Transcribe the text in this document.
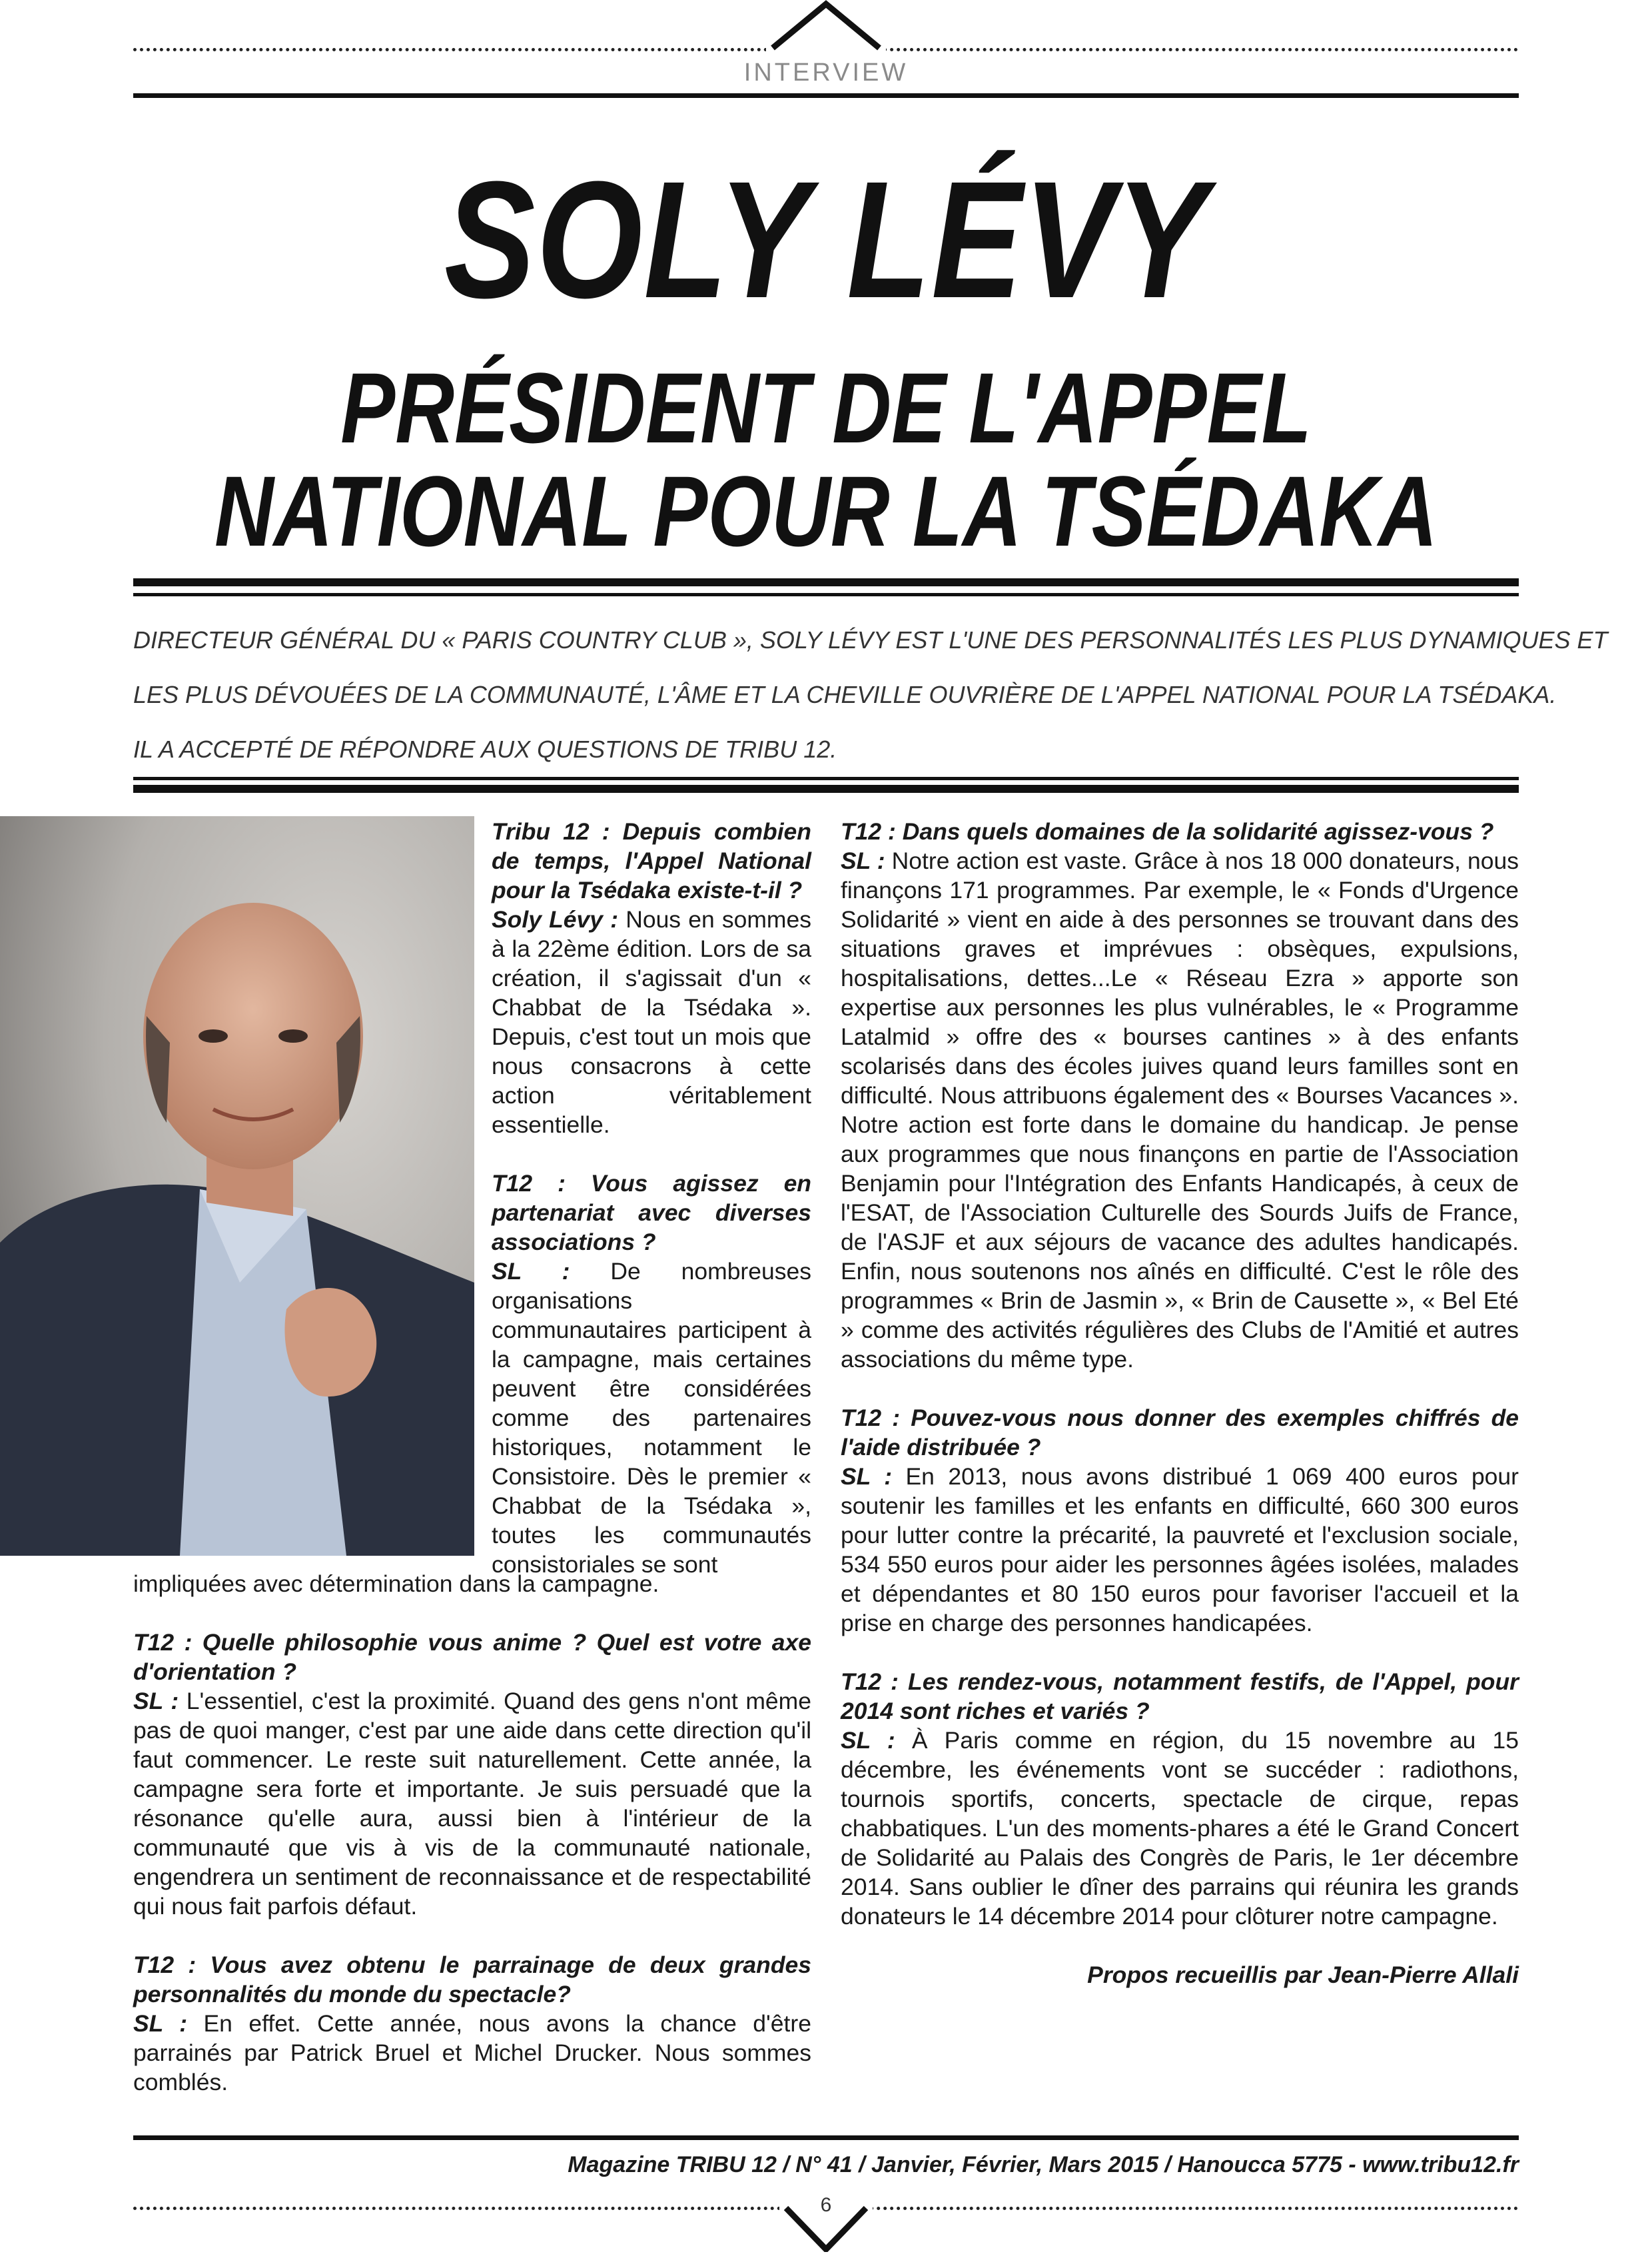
INTERVIEW
SOLY LÉVY
PRÉSIDENT DE L'APPEL
NATIONAL POUR LA TSÉDAKA

DIRECTEUR GÉNÉRAL DU « PARIS COUNTRY CLUB », SOLY LÉVY EST L'UNE DES PERSONNALITÉS LES PLUS DYNAMIQUES ET

LES PLUS DÉVOUÉES DE LA COMMUNAUTÉ, L'ÂME ET LA CHEVILLE OUVRIÈRE DE L'APPEL NATIONAL POUR LA TSÉDAKA.

IL A ACCEPTÉ DE RÉPONDRE AUX QUESTIONS DE TRIBU 12.

Tribu 12 : Depuis combien de temps, l'Appel National pour la Tsédaka existe-t-il ?
Soly Lévy : Nous en sommes à la 22ème édition. Lors de sa création, il s'agissait d'un « Chabbat de la Tsédaka ». Depuis, c'est tout un mois que nous consacrons à cette action véritablement essentielle.

T12 : Vous agissez en partenariat avec diverses associations ?
SL : De nombreuses organisations communautaires participent à la campagne, mais certaines peuvent être considérées comme des partenaires historiques, notamment le Consistoire. Dès le premier « Chabbat de la Tsédaka », toutes les communautés consistoriales se sont

impliquées avec détermination dans la campagne.

T12 : Quelle philosophie vous anime ? Quel est votre axe d'orientation ?
SL : L'essentiel, c'est la proximité. Quand des gens n'ont même pas de quoi manger, c'est par une aide dans cette direction qu'il faut commencer. Le reste suit naturellement. Cette année, la campagne sera forte et importante. Je suis persuadé que la résonance qu'elle aura, aussi bien à l'intérieur de la communauté que vis à vis de la communauté nationale, engendrera un sentiment de reconnaissance et de respectabilité qui nous fait parfois défaut.

T12 : Vous avez obtenu le parrainage de deux grandes personnalités du monde du spectacle?
SL : En effet. Cette année, nous avons la chance d'être parrainés par Patrick Bruel et Michel Drucker. Nous sommes comblés.

T12 : Dans quels domaines de la solidarité agissez-vous ?
SL : Notre action est vaste. Grâce à nos 18 000 donateurs, nous finançons 171 programmes. Par exemple, le « Fonds d'Urgence Solidarité » vient en aide à des personnes se trouvant dans des situations graves et imprévues : obsèques, expulsions, hospitalisations, dettes...Le « Réseau Ezra » apporte son expertise aux personnes les plus vulnérables, le « Programme Latalmid » offre des « bourses cantines » à des enfants scolarisés dans des écoles juives quand leurs familles sont en difficulté. Nous attribuons également des « Bourses Vacances ». Notre action est forte dans le domaine du handicap. Je pense aux programmes que nous finançons en partie de l'Association Benjamin pour l'Intégration des Enfants Handicapés, à ceux de l'ESAT, de l'Association Culturelle des Sourds Juifs de France, de l'ASJF et aux séjours de vacance des adultes handicapés. Enfin, nous soutenons nos aînés en difficulté. C'est le rôle des programmes « Brin de Jasmin », « Brin de Causette », « Bel Eté » comme des activités régulières des Clubs de l'Amitié et autres associations du même type.

T12 : Pouvez-vous nous donner des exemples chiffrés de l'aide distribuée ?
SL : En 2013, nous avons distribué 1 069 400 euros pour soutenir les familles et les enfants en difficulté, 660 300 euros pour lutter contre la précarité, la pauvreté et l'exclusion sociale, 534 550 euros pour aider les personnes âgées isolées, malades et dépendantes et 80 150 euros pour favoriser l'accueil et la prise en charge des personnes handicapées.

T12 : Les rendez-vous, notamment festifs, de l'Appel, pour 2014 sont riches et variés ?
SL : À Paris comme en région, du 15 novembre au 15 décembre, les événements vont se succéder : radiothons, tournois sportifs, concerts, spectacle de cirque, repas chabbatiques. L'un des moments-phares a été le Grand Concert de Solidarité au Palais des Congrès de Paris, le 1er décembre 2014. Sans oublier le dîner des parrains qui réunira les grands donateurs le 14 décembre 2014 pour clôturer notre campagne.

Propos recueillis par Jean-Pierre Allali
Magazine TRIBU 12 / N° 41 / Janvier, Février, Mars 2015 / Hanoucca 5775 - www.tribu12.fr
6
